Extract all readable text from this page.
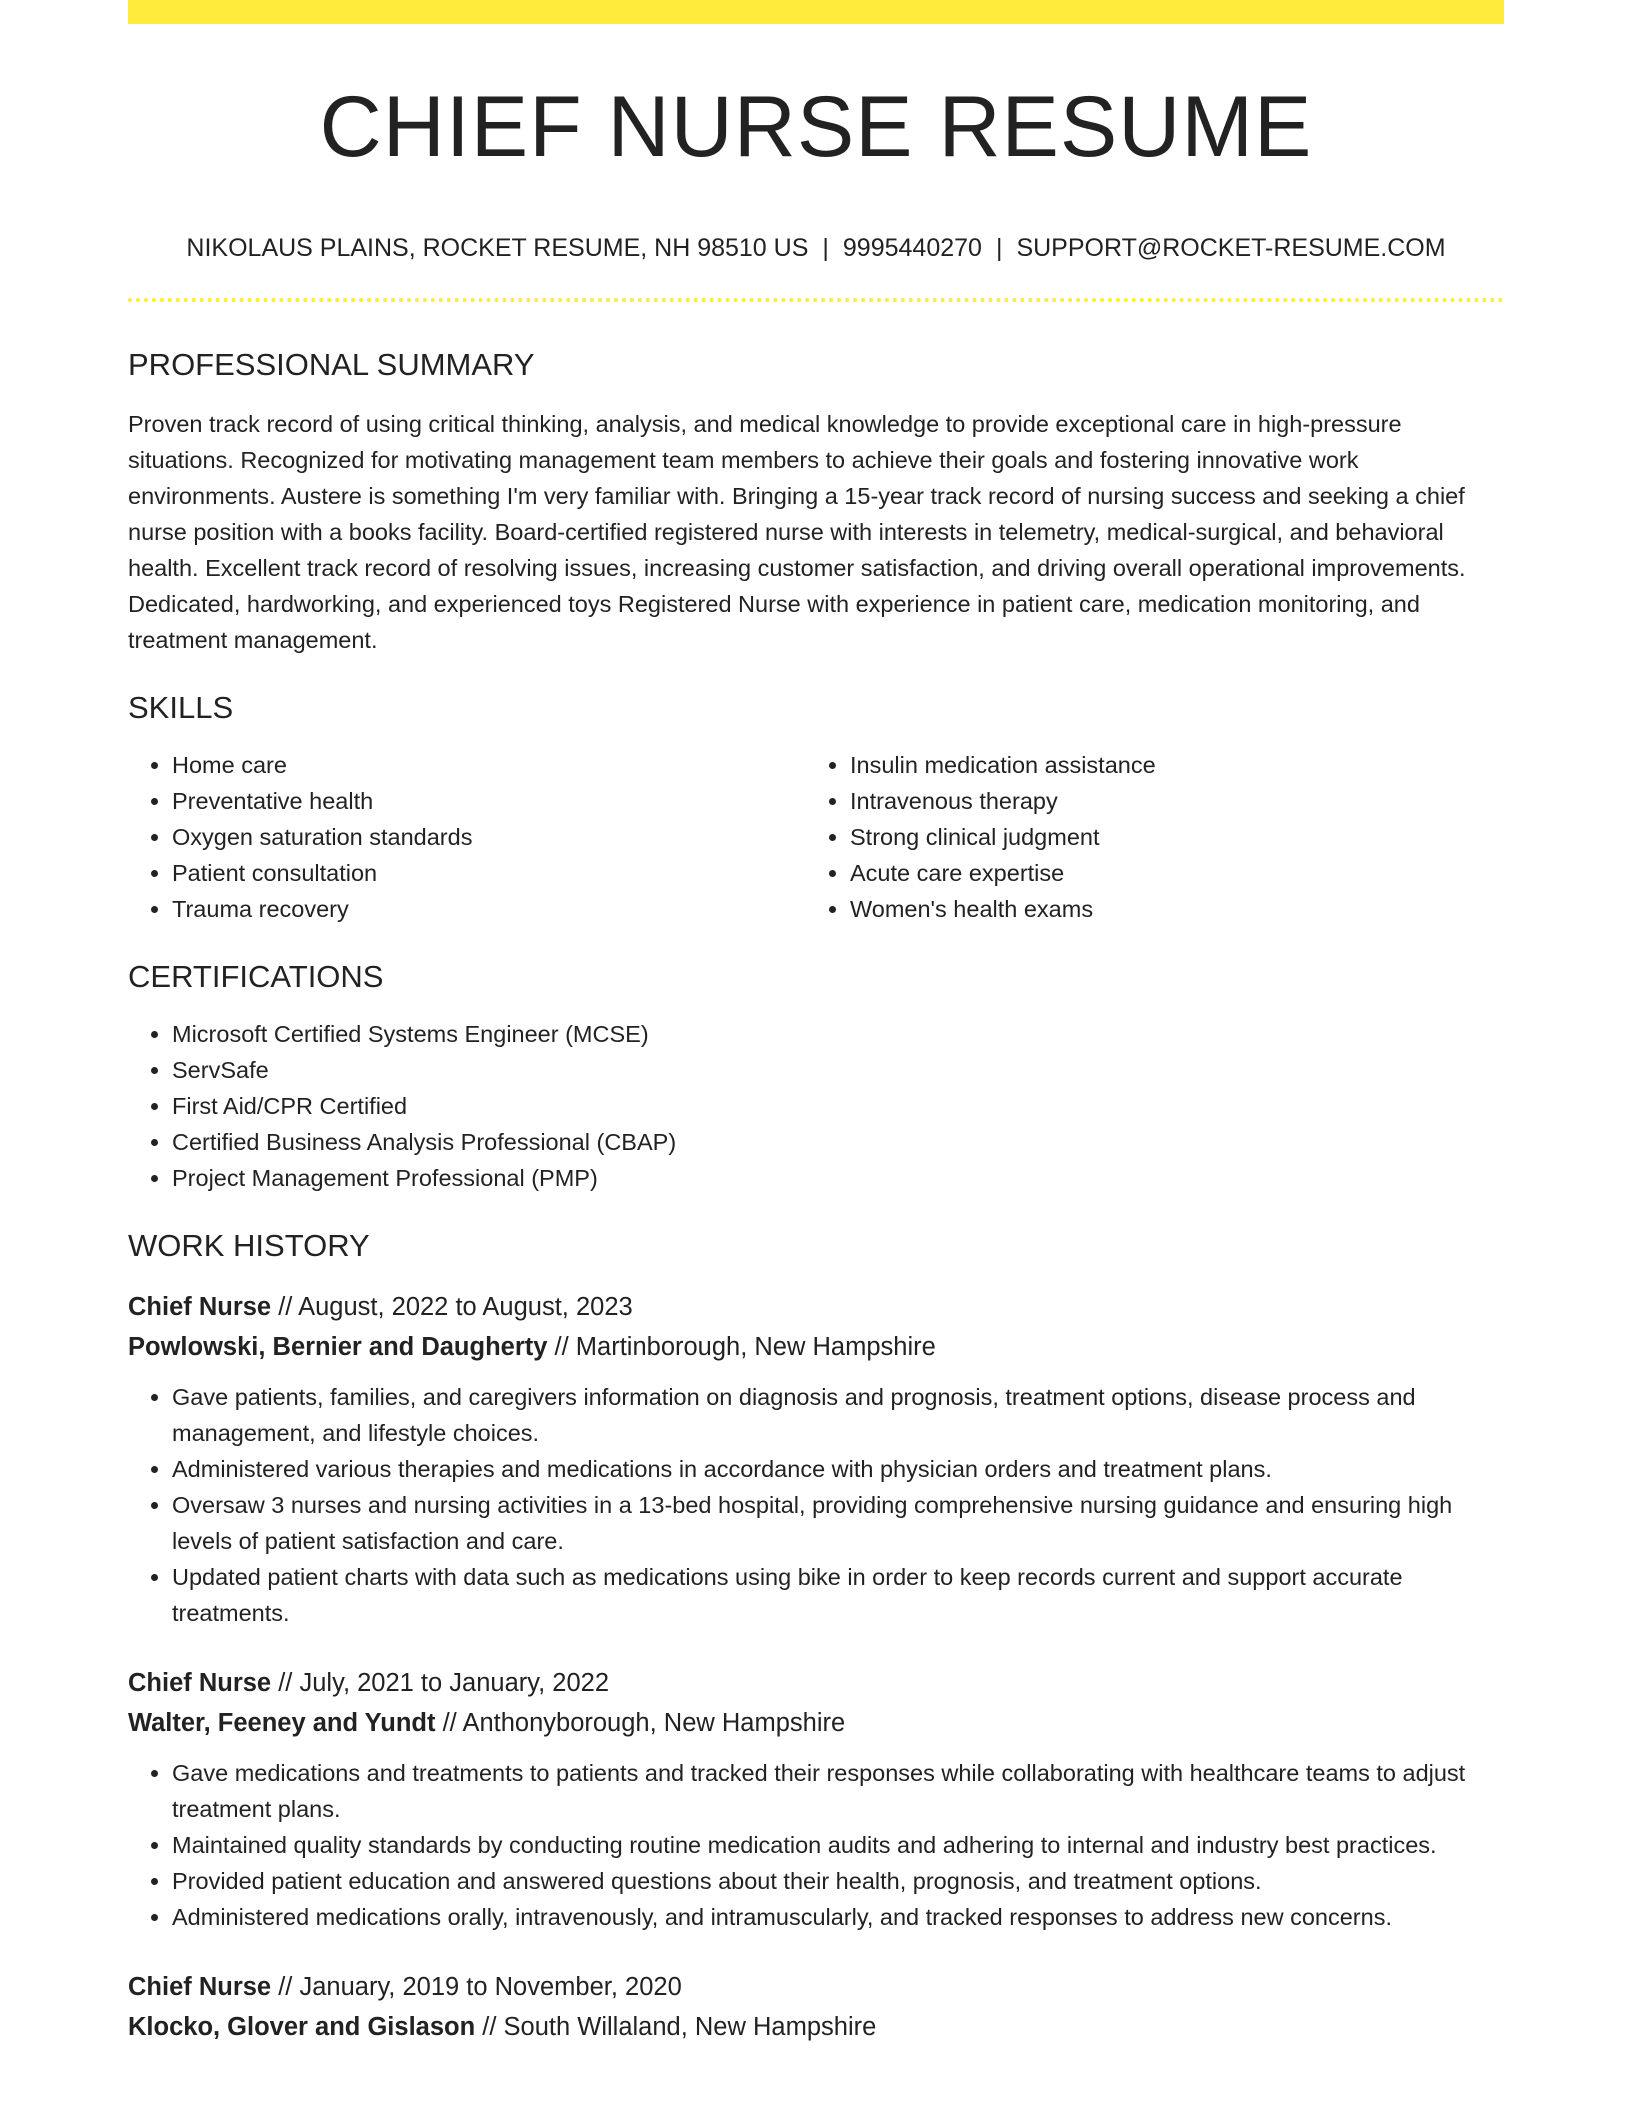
CHIEF NURSE RESUME
NIKOLAUS PLAINS, ROCKET RESUME, NH 98510 US | 9995440270 | SUPPORT@ROCKET-RESUME.COM
PROFESSIONAL SUMMARY

Proven track record of using critical thinking, analysis, and medical knowledge to provide exceptional care in high-pressure situations. Recognized for motivating management team members to achieve their goals and fostering innovative work environments. Austere is something I'm very familiar with. Bringing a 15-year track record of nursing success and seeking a chief nurse position with a books facility. Board-certified registered nurse with interests in telemetry, medical-surgical, and behavioral health. Excellent track record of resolving issues, increasing customer satisfaction, and driving overall operational improvements. Dedicated, hardworking, and experienced toys Registered Nurse with experience in patient care, medication monitoring, and treatment management.

SKILLS
• Home care
• Preventative health
• Oxygen saturation standards
• Patient consultation
• Trauma recovery
• Insulin medication assistance
• Intravenous therapy
• Strong clinical judgment
• Acute care expertise
• Women's health exams
CERTIFICATIONS
• Microsoft Certified Systems Engineer (MCSE)
• ServSafe
• First Aid/CPR Certified
• Certified Business Analysis Professional (CBAP)
• Project Management Professional (PMP)
WORK HISTORY
Chief Nurse // August, 2022 to August, 2023
Powlowski, Bernier and Daugherty // Martinborough, New Hampshire
• Gave patients, families, and caregivers information on diagnosis and prognosis, treatment options, disease process and management, and lifestyle choices.
• Administered various therapies and medications in accordance with physician orders and treatment plans.
• Oversaw 3 nurses and nursing activities in a 13-bed hospital, providing comprehensive nursing guidance and ensuring high levels of patient satisfaction and care.
• Updated patient charts with data such as medications using bike in order to keep records current and support accurate treatments.
Chief Nurse // July, 2021 to January, 2022
Walter, Feeney and Yundt // Anthonyborough, New Hampshire
• Gave medications and treatments to patients and tracked their responses while collaborating with healthcare teams to adjust treatment plans.
• Maintained quality standards by conducting routine medication audits and adhering to internal and industry best practices.
• Provided patient education and answered questions about their health, prognosis, and treatment options.
• Administered medications orally, intravenously, and intramuscularly, and tracked responses to address new concerns.
Chief Nurse // January, 2019 to November, 2020
Klocko, Glover and Gislason // South Willaland, New Hampshire
